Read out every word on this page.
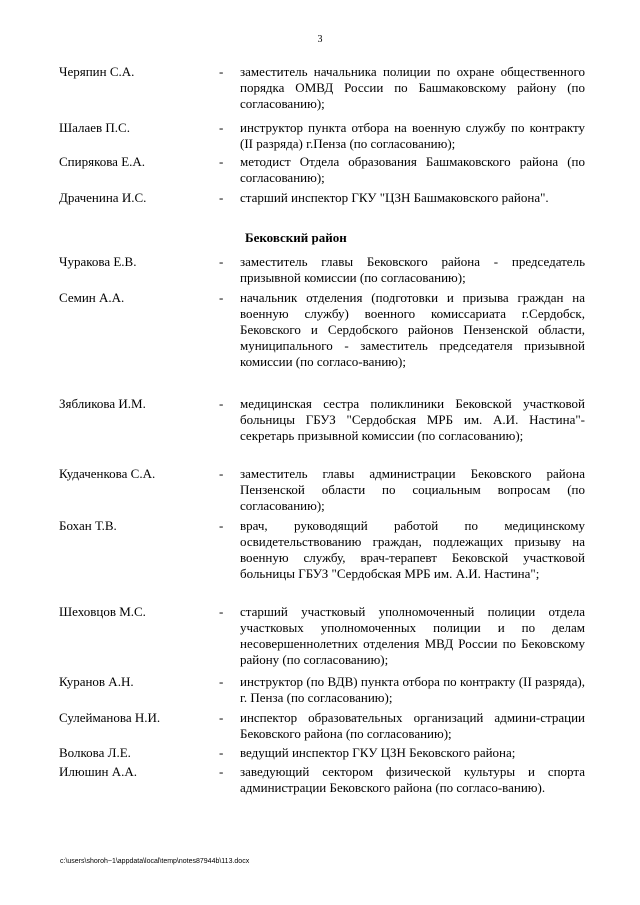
3
Черяпин С.А.	- заместитель начальника полиции по охране общественного порядка ОМВД России по Башмаковскому району (по согласованию);
Шалаев П.С.	- инструктор пункта отбора на военную службу по контракту (II разряда) г.Пенза (по согласованию);
Спирякова Е.А.	- методист Отдела образования Башмаковского района (по согласованию);
Драченина И.С.	- старший инспектор ГКУ "ЦЗН Башмаковского района".
Бековский район
Чуракова Е.В.	- заместитель главы Бековского района - председатель призывной комиссии (по согласованию);
Семин А.А.	- начальник отделения (подготовки и призыва граждан на военную службу) военного комиссариата г.Сердобск, Бековского и Сердобского районов Пензенской области, муниципального - заместитель председателя призывной комиссии (по согласо-ванию);
Зябликова И.М.	- медицинская сестра поликлиники Бековской участковой больницы ГБУЗ "Сердобская МРБ им. А.И. Настина"- секретарь призывной комиссии (по согласованию);
Кудаченкова С.А.	- заместитель главы администрации Бековского района Пензенской области по социальным вопросам (по согласованию);
Бохан Т.В.	- врач, руководящий работой по медицинскому освидетельствованию граждан, подлежащих призыву на военную службу, врач-терапевт Бековской участковой больницы ГБУЗ "Сердобская МРБ им. А.И. Настина";
Шеховцов М.С.	- старший участковый уполномоченный полиции отдела участковых уполномоченных полиции и по делам несовершеннолетних отделения МВД России по Бековскому району (по согласованию);
Куранов А.Н.	- инструктор (по ВДВ) пункта отбора по контракту (II разряда), г. Пенза (по согласованию);
Сулейманова Н.И.	- инспектор образовательных организаций админи-страции Бековского района (по согласованию);
Волкова Л.Е.	- ведущий инспектор ГКУ ЦЗН Бековского района;
Илюшин А.А.	- заведующий сектором физической культуры и спорта администрации Бековского района (по согласо-ванию).
c:\users\shoroh~1\appdata\local\temp\notes87944b\113.docx
